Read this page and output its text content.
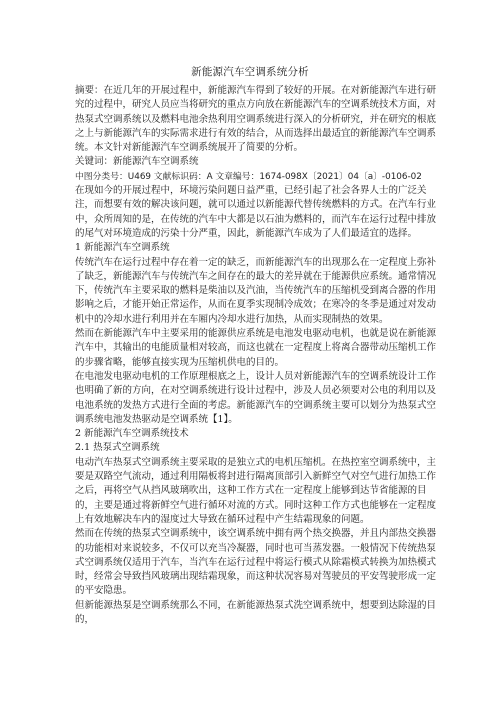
新能源汽车空调系统分析

摘要：在近几年的开展过程中，新能源汽车得到了较好的开展。在对新能源汽车进行研究的过程中，研究人员应当将研究的重点方向放在新能源汽车的空调系统技术方面，对热泵式空调系统以及燃料电池余热利用空调系统进行深入的分析研究，并在研究的根底之上与新能源汽车的实际需求进行有效的结合，从而选择出最适宜的新能源汽车空调系统。本文针对新能源汽车空调系统展开了简要的分析。

关键词：新能源汽车空调系统

中图分类号：U469 文献标识码：A 文章编号：1674-098X〔2021〕04〔a〕-0106-02

在现如今的开展过程中，环境污染问题日益严重，已经引起了社会各界人士的广泛关注，而想要有效的解决该问题，就可以通过以新能源代替传统燃料的方式。在汽车行业中，众所周知的是，在传统的汽车中大都是以石油为燃料的，而汽车在运行过程中排放的尾气对环境造成的污染十分严重，因此，新能源汽车成为了人们最适宜的选择。

1 新能源汽车空调系统

传统汽车在运行过程中存在着一定的缺乏，而新能源汽车的出现那么在一定程度上弥补了缺乏，新能源汽车与传统汽车之间存在的最大的差异就在于能源供应系统。通常情况下，传统汽车主要采取的燃料是柴油以及汽油，当传统汽车的压缩机受到离合器的作用影响之后，才能开始正常运作，从而在夏季实现制冷成效；在寒冷的冬季是通过对发动机中的冷却水进行利用并在车厢内冷却水进行加热，从而实现制热的效果。

然而在新能源汽车中主要采用的能源供应系统是电池发电驱动电机，也就是说在新能源汽车中，其输出的电能质量相对较高，而这也就在一定程度上将离合器带动压缩机工作的步骤省略，能够直接实现为压缩机供电的目的。

在电池发电驱动电机的工作原理根底之上，设计人员对新能源汽车的空调系统设计工作也明确了新的方向，在对空调系统进行设计过程中，涉及人员必须要对公电的利用以及电池系统的发热方式进行全面的考虑。新能源汽车的空调系统主要可以划分为热泵式空调系统电池发热驱动是空调系统【1】。

2 新能源汽车空调系统技术

2.1 热泵式空调系统

电动汽车热泵式空调系统主要采取的是独立式的电机压缩机。在热控室空调系统中，主要是双路空气流动，通过利用隔板将封进行隔离顶部引入新鲜空气对空气进行加热工作之后，再将空气从挡风玻璃吹出，这种工作方式在一定程度上能够到达节省能源的目的，主要是通过将新鲜空气进行循环对流的方式。同时这种工作方式也能够在一定程度上有效地解决车内的湿度过大导致在循环过程中产生结霜现象的问题。

然而在传统的热泵式空调系统中，该空调系统中拥有两个热交换器，并且内部热交换器的功能相对来说较多，不仅可以充当冷凝器，同时也可当蒸发器。一般情况下传统热泵式空调系统仅适用于汽车，当汽车在运行过程中将运行模式从除霜模式转换为加热模式时，经常会导致挡风玻璃出现结霜现象，而这种状况容易对驾驶员的平安驾驶形成一定的平安隐患。

但新能源热泵是空调系统那么不同，在新能源热泵式洗空调系统中，想要到达除湿的目的，
